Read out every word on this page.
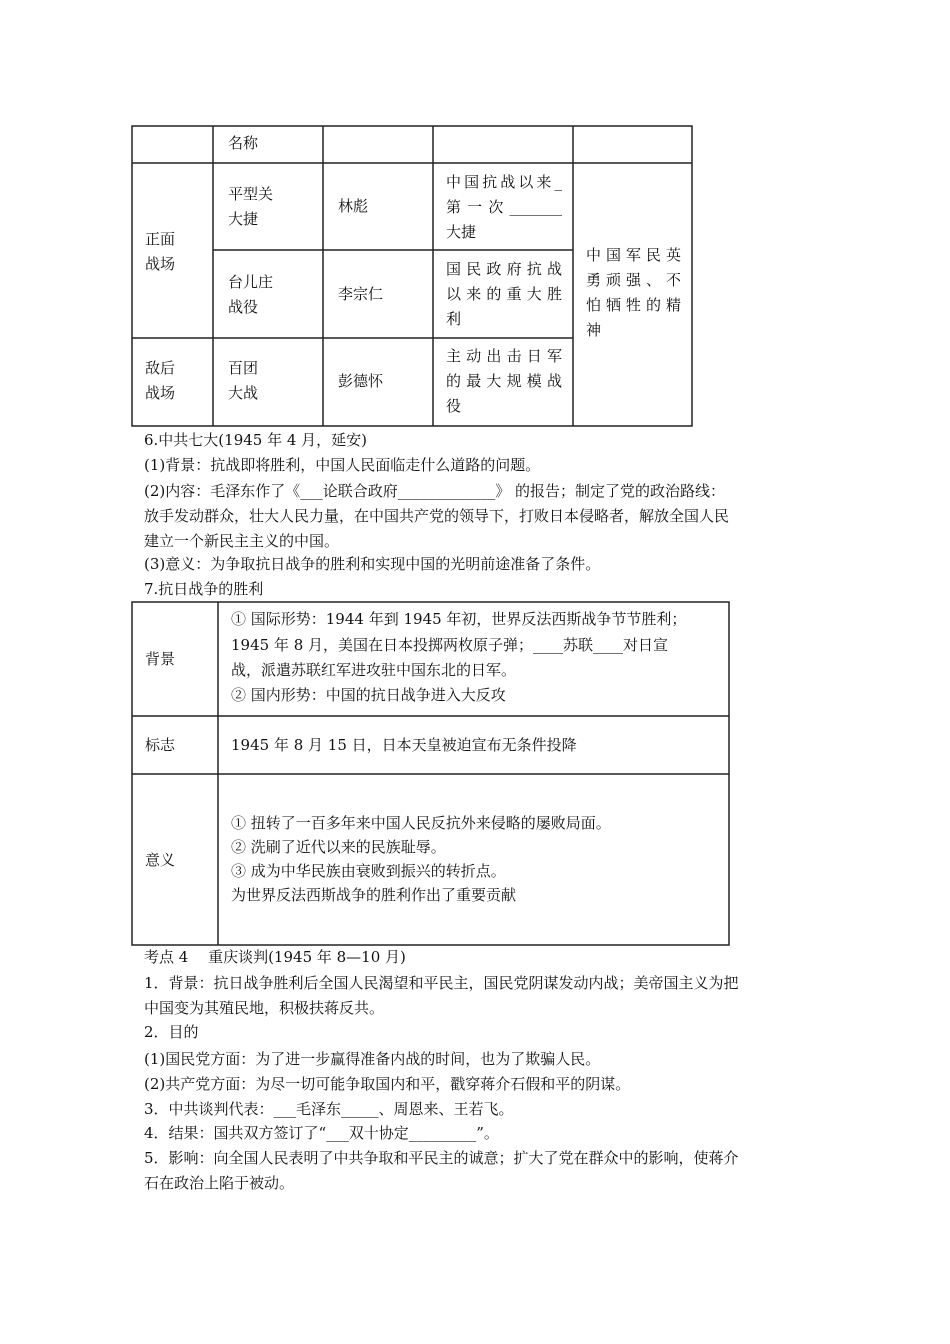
名称
正面
战场
敌后
战场
平型关
大捷
林彪
中国抗战以来_
第一次_______
大捷
台儿庄
战役
李宗仁
国民政府抗战
以来的重大胜
利
百团
大战
彭德怀
主动出击日军
的最大规模战
役
中国军民英
勇顽强、不
怕牺牲的精
神
6.中共七大(1945 年 4 月，延安)
(1)背景：抗战即将胜利，中国人民面临走什么道路的问题。
(2)内容：毛泽东作了《___论联合政府_____________》 的报告；制定了党的政治路线：
放手发动群众，壮大人民力量，在中国共产党的领导下，打败日本侵略者，解放全国人民
建立一个新民主主义的中国。
(3)意义：为争取抗日战争的胜利和实现中国的光明前途准备了条件。
7.抗日战争的胜利
背景
① 国际形势：1944 年到 1945 年初，世界反法西斯战争节节胜利；
1945 年 8 月，美国在日本投掷两枚原子弹；____苏联____对日宣
战，派遣苏联红军进攻驻中国东北的日军。
② 国内形势：中国的抗日战争进入大反攻
标志	1945 年 8 月 15 日，日本天皇被迫宣布无条件投降
意义
① 扭转了一百多年来中国人民反抗外来侵略的屡败局面。
② 洗刷了近代以来的民族耻辱。
③ 成为中华民族由衰败到振兴的转折点。
为世界反法西斯战争的胜利作出了重要贡献
考点 4　 重庆谈判(1945 年 8—10 月)
1．背景：抗日战争胜利后全国人民渴望和平民主，国民党阴谋发动内战；美帝国主义为把
中国变为其殖民地，积极扶蒋反共。
2．目的
(1)国民党方面：为了进一步赢得准备内战的时间，也为了欺骗人民。
(2)共产党方面：为尽一切可能争取国内和平，戳穿蒋介石假和平的阴谋。
3．中共谈判代表：___毛泽东_____、周恩来、王若飞。
4．结果：国共双方签订了“___双十协定_________”。
5．影响：向全国人民表明了中共争取和平民主的诚意；扩大了党在群众中的影响，使蒋介
石在政治上陷于被动。
